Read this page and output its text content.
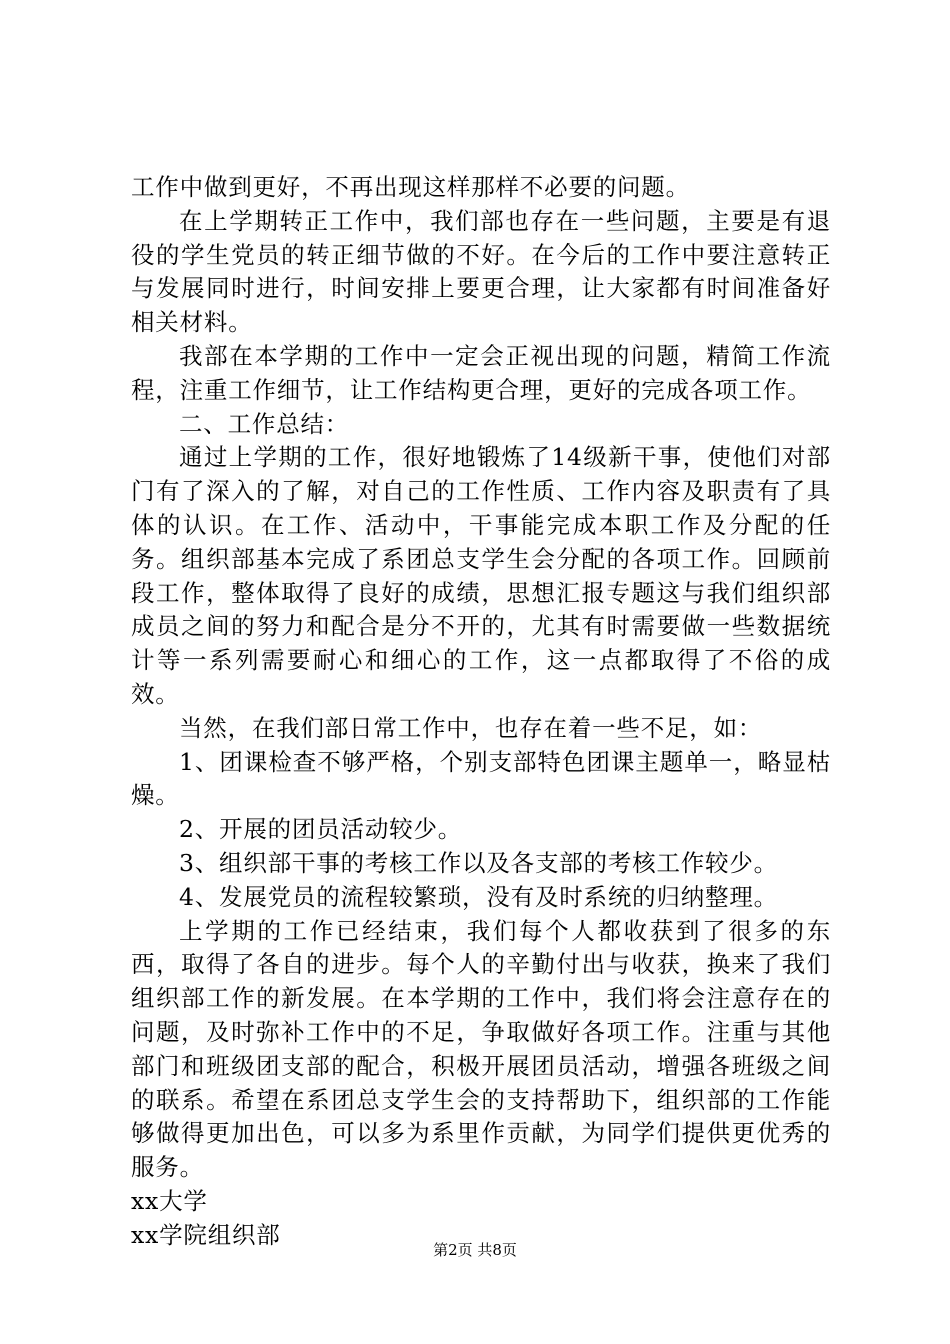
工作中做到更好，不再出现这样那样不必要的问题。

在上学期转正工作中，我们部也存在一些问题，主要是有退役的学生党员的转正细节做的不好。在今后的工作中要注意转正与发展同时进行，时间安排上要更合理，让大家都有时间准备好相关材料。

我部在本学期的工作中一定会正视出现的问题，精简工作流程，注重工作细节，让工作结构更合理，更好的完成各项工作。

二、工作总结：

通过上学期的工作，很好地锻炼了14级新干事，使他们对部门有了深入的了解，对自己的工作性质、工作内容及职责有了具体的认识。在工作、活动中，干事能完成本职工作及分配的任务。组织部基本完成了系团总支学生会分配的各项工作。回顾前段工作，整体取得了良好的成绩，思想汇报专题这与我们组织部成员之间的努力和配合是分不开的，尤其有时需要做一些数据统计等一系列需要耐心和细心的工作，这一点都取得了不俗的成效。

当然，在我们部日常工作中，也存在着一些不足，如：

1、团课检查不够严格，个别支部特色团课主题单一，略显枯燥。

2、开展的团员活动较少。

3、组织部干事的考核工作以及各支部的考核工作较少。

4、发展党员的流程较繁琐，没有及时系统的归纳整理。

上学期的工作已经结束，我们每个人都收获到了很多的东西，取得了各自的进步。每个人的辛勤付出与收获，换来了我们组织部工作的新发展。在本学期的工作中，我们将会注意存在的问题，及时弥补工作中的不足，争取做好各项工作。注重与其他部门和班级团支部的配合，积极开展团员活动，增强各班级之间的联系。希望在系团总支学生会的支持帮助下，组织部的工作能够做得更加出色，可以多为系里作贡献，为同学们提供更优秀的服务。

xx大学

xx学院组织部

第2页 共8页
